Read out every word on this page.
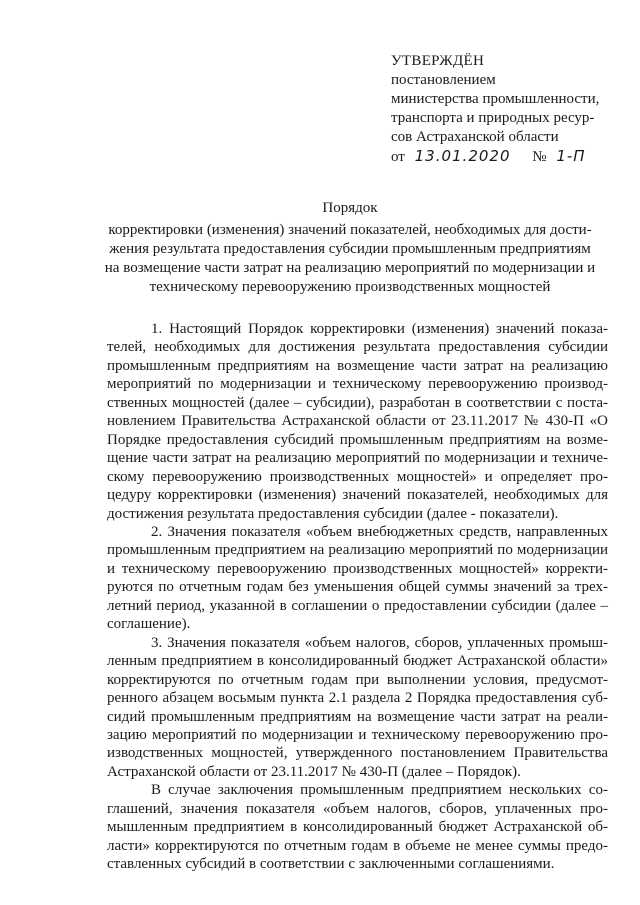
УТВЕРЖДЁН
постановлением
министерства промышленности,
транспорта и природных ресур-
сов Астраханской области
от 13.01.2020 № 1-П
Порядок
корректировки (изменения) значений показателей, необходимых для дости-
жения результата предоставления субсидии промышленным предприятиям
на возмещение части затрат на реализацию мероприятий по модернизации и
техническому перевооружению производственных мощностей
1. Настоящий Порядок корректировки (изменения) значений показа-
телей, необходимых для достижения результата предоставления субсидии
промышленным предприятиям на возмещение части затрат на реализацию
мероприятий по модернизации и техническому перевооружению производ-
ственных мощностей (далее – субсидии), разработан в соответствии с поста-
новлением Правительства Астраханской области от 23.11.2017 № 430-П «О
Порядке предоставления субсидий промышленным предприятиям на возме-
щение части затрат на реализацию мероприятий по модернизации и техниче-
скому перевооружению производственных мощностей» и определяет про-
цедуру корректировки (изменения) значений показателей, необходимых для
достижения результата предоставления субсидии (далее - показатели).
2. Значения показателя «объем внебюджетных средств, направленных
промышленным предприятием на реализацию мероприятий по модернизации
и техническому перевооружению производственных мощностей» корректи-
руются по отчетным годам без уменьшения общей суммы значений за трех-
летний период, указанной в соглашении о предоставлении субсидии (далее –
соглашение).
3. Значения показателя «объем налогов, сборов, уплаченных промыш-
ленным предприятием в консолидированный бюджет Астраханской области»
корректируются по отчетным годам при выполнении условия, предусмот-
ренного абзацем восьмым пункта 2.1 раздела 2 Порядка предоставления суб-
сидий промышленным предприятиям на возмещение части затрат на реали-
зацию мероприятий по модернизации и техническому перевооружению про-
изводственных мощностей, утвержденного постановлением Правительства
Астраханской области от 23.11.2017 № 430-П (далее – Порядок).
В случае заключения промышленным предприятием нескольких со-
глашений, значения показателя «объем налогов, сборов, уплаченных про-
мышленным предприятием в консолидированный бюджет Астраханской об-
ласти» корректируются по отчетным годам в объеме не менее суммы предо-
ставленных субсидий в соответствии с заключенными соглашениями.
